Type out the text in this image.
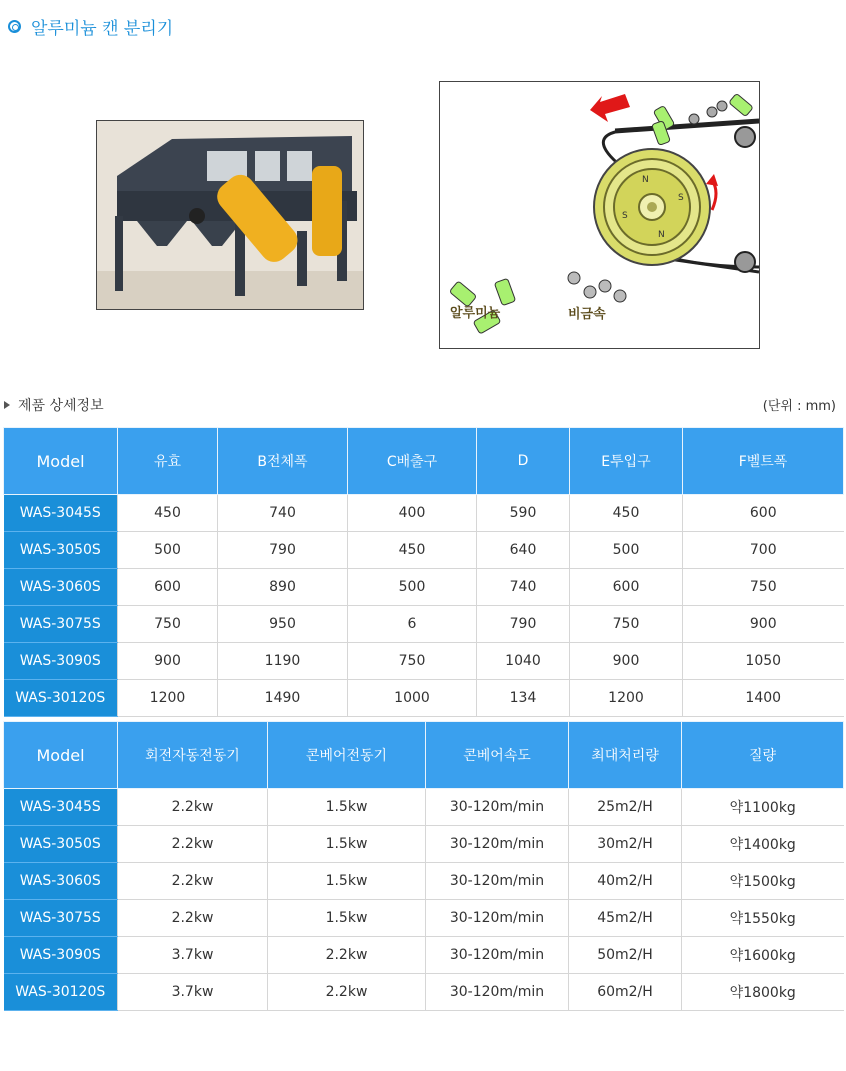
알루미늄 캔 분리기
N
S
N
S
알루미늄	비금속
제품 상세정보	(단위 : mm)
Model	유효	B전체폭	C배출구	D	E투입구	F벨트폭
WAS-3045S	450	740	400	590	450	600
WAS-3050S	500	790	450	640	500	700
WAS-3060S	600	890	500	740	600	750
WAS-3075S	750	950	6	790	750	900
WAS-3090S	900	1190	750	1040	900	1050
WAS-30120S	1200	1490	1000	134	1200	1400
Model	회전자동전동기	콘베어전동기	콘베어속도	최대처리량	질량
WAS-3045S	2.2kw	1.5kw	30-120m/min	25m2/H	약1100kg
WAS-3050S	2.2kw	1.5kw	30-120m/min	30m2/H	약1400kg
WAS-3060S	2.2kw	1.5kw	30-120m/min	40m2/H	약1500kg
WAS-3075S	2.2kw	1.5kw	30-120m/min	45m2/H	약1550kg
WAS-3090S	3.7kw	2.2kw	30-120m/min	50m2/H	약1600kg
WAS-30120S	3.7kw	2.2kw	30-120m/min	60m2/H	약1800kg
